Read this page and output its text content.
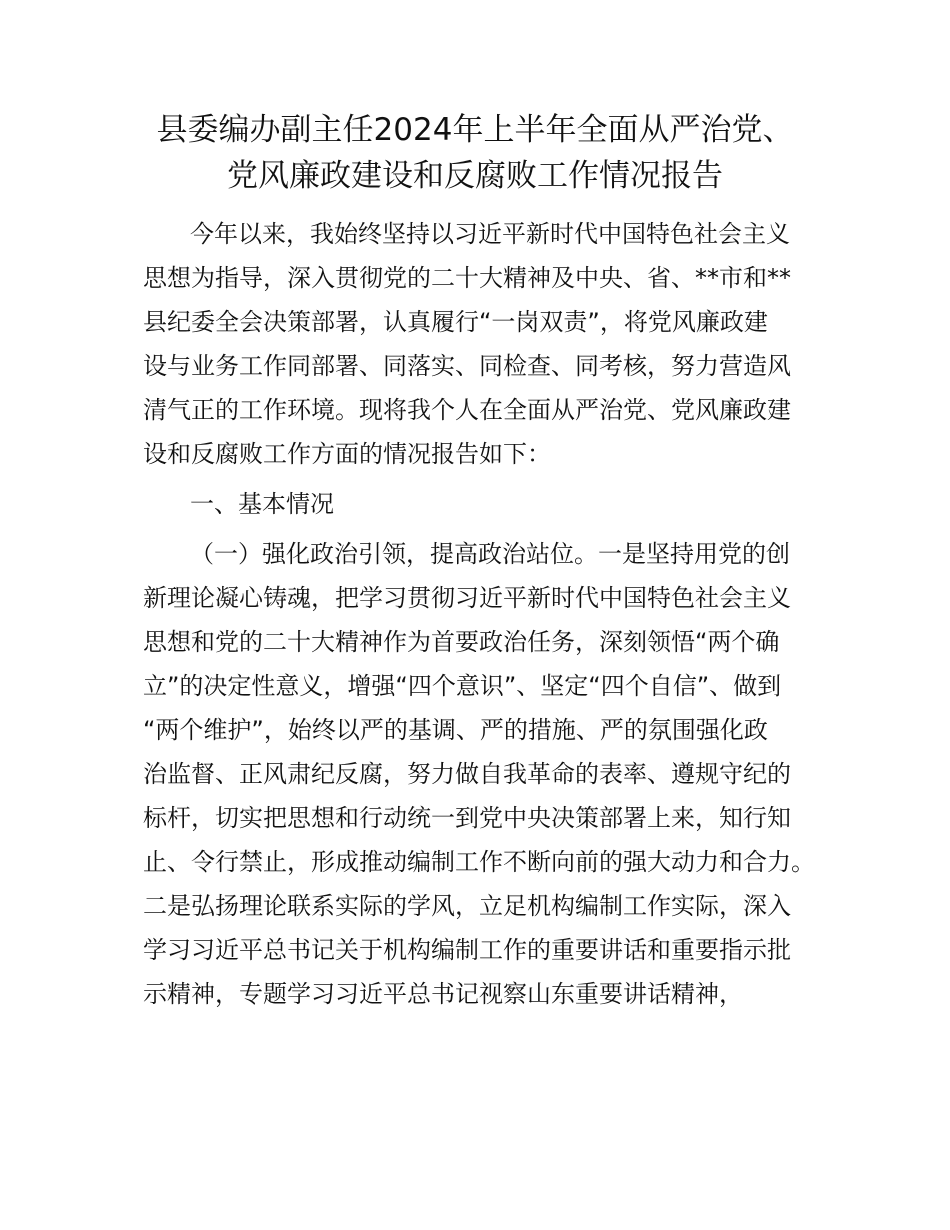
县委编办副主任2024年上半年全面从严治党、
党风廉政建设和反腐败工作情况报告
今年以来，我始终坚持以习近平新时代中国特色社会主义
思想为指导，深入贯彻党的二十大精神及中央、省、**市和**
县纪委全会决策部署，认真履行“一岗双责”，将党风廉政建
设与业务工作同部署、同落实、同检查、同考核，努力营造风
清气正的工作环境。现将我个人在全面从严治党、党风廉政建
设和反腐败工作方面的情况报告如下：
一、基本情况
（一）强化政治引领，提高政治站位。一是坚持用党的创
新理论凝心铸魂，把学习贯彻习近平新时代中国特色社会主义
思想和党的二十大精神作为首要政治任务，深刻领悟“两个确
立”的决定性意义，增强“四个意识”、坚定“四个自信”、做到
“两个维护”，始终以严的基调、严的措施、严的氛围强化政
治监督、正风肃纪反腐，努力做自我革命的表率、遵规守纪的
标杆，切实把思想和行动统一到党中央决策部署上来，知行知
止、令行禁止，形成推动编制工作不断向前的强大动力和合力。
二是弘扬理论联系实际的学风，立足机构编制工作实际，深入
学习习近平总书记关于机构编制工作的重要讲话和重要指示批
示精神，专题学习习近平总书记视察山东重要讲话精神，
